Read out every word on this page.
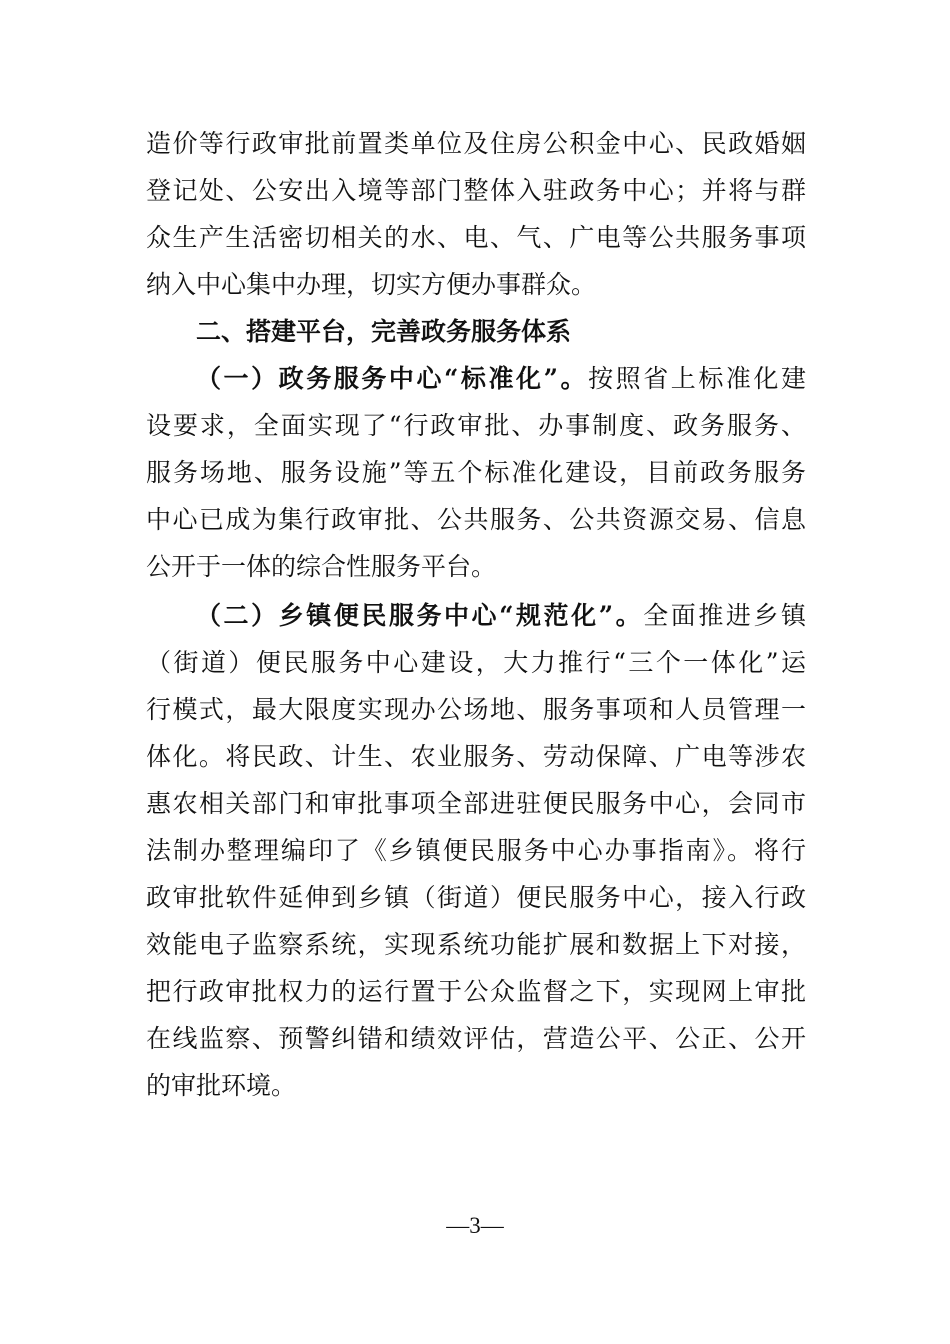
造价等行政审批前置类单位及住房公积金中心、民政婚姻
登记处、公安出入境等部门整体入驻政务中心；并将与群
众生产生活密切相关的水、电、气、广电等公共服务事项
纳入中心集中办理，切实方便办事群众。
二、搭建平台，完善政务服务体系
（一）政务服务中心“标准化”。按照省上标准化建
设要求，全面实现了“行政审批、办事制度、政务服务、
服务场地、服务设施”等五个标准化建设，目前政务服务
中心已成为集行政审批、公共服务、公共资源交易、信息
公开于一体的综合性服务平台。
（二）乡镇便民服务中心“规范化”。全面推进乡镇
（街道）便民服务中心建设，大力推行“三个一体化”运
行模式，最大限度实现办公场地、服务事项和人员管理一
体化。将民政、计生、农业服务、劳动保障、广电等涉农
惠农相关部门和审批事项全部进驻便民服务中心，会同市
法制办整理编印了《乡镇便民服务中心办事指南》。将行
政审批软件延伸到乡镇（街道）便民服务中心，接入行政
效能电子监察系统，实现系统功能扩展和数据上下对接，
把行政审批权力的运行置于公众监督之下，实现网上审批
在线监察、预警纠错和绩效评估，营造公平、公正、公开
的审批环境。
—3—
